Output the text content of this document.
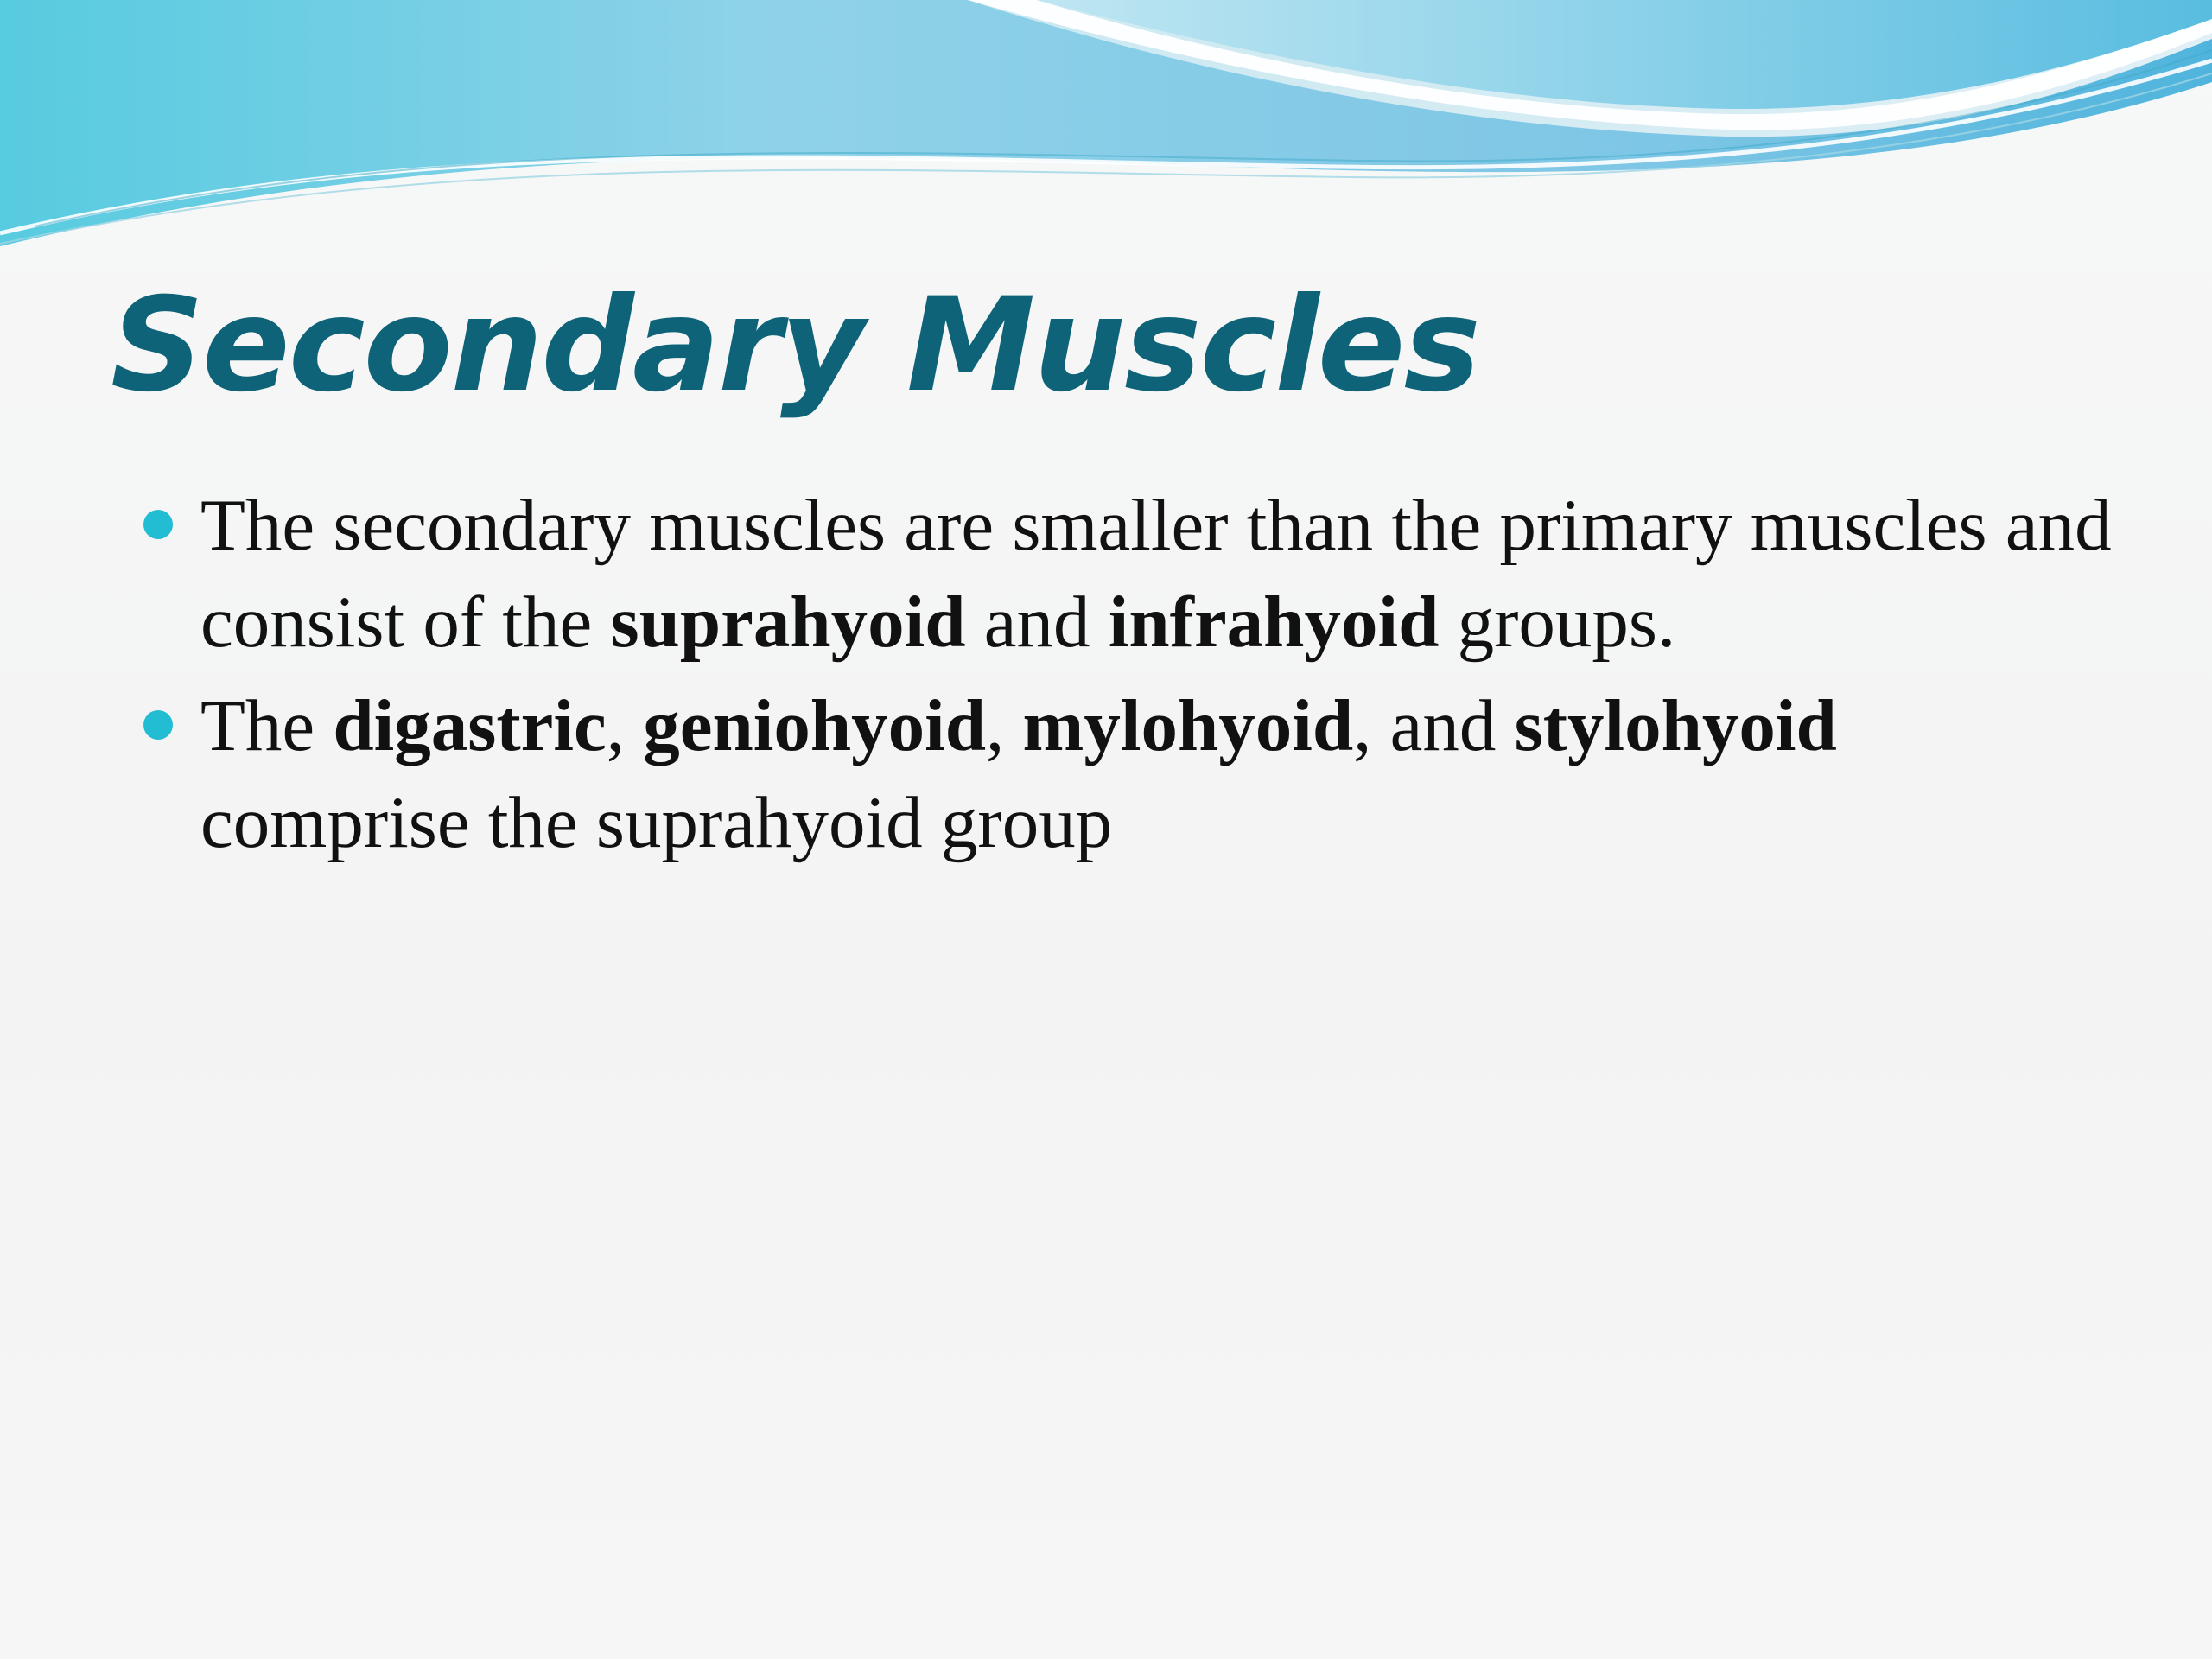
Secondary Muscles
The secondary muscles are smaller than the primary muscles and consist of the suprahyoid and infrahyoid groups.
The digastric, geniohyoid, mylohyoid, and stylohyoid comprise the suprahyoid group
